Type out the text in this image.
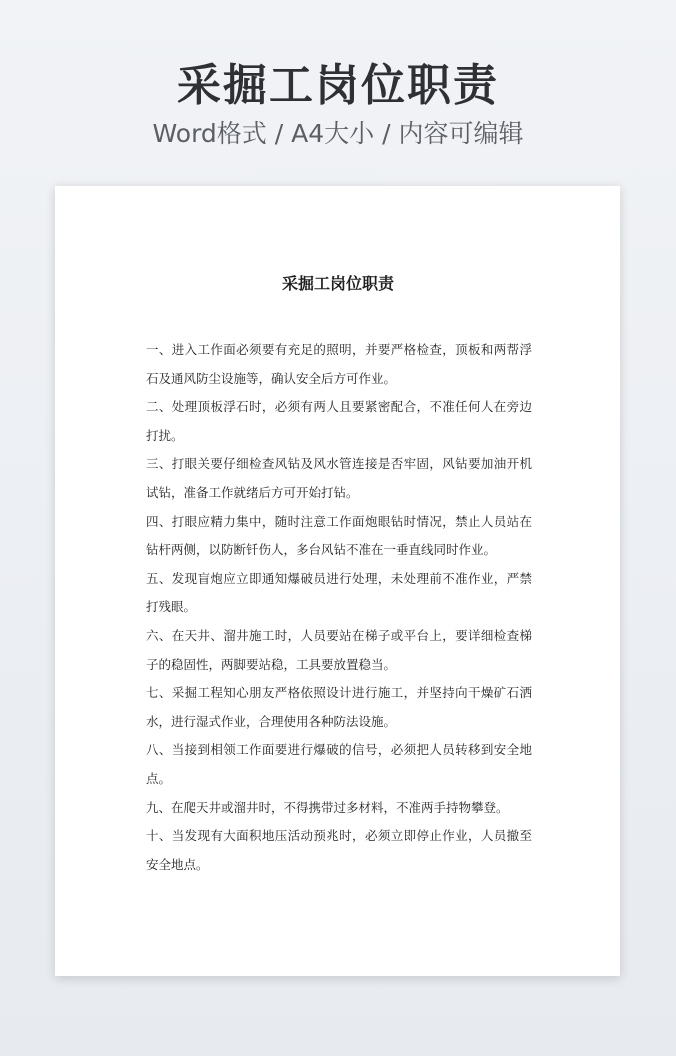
采掘工岗位职责
Word格式 / A4大小 / 内容可编辑
采掘工岗位职责

一、进入工作面必须要有充足的照明，并要严格检查，顶板和两帮浮石及通风防尘设施等，确认安全后方可作业。

二、处理顶板浮石时，必须有两人且要紧密配合，不准任何人在旁边打扰。

三、打眼关要仔细检查风钻及风水管连接是否牢固，风钻要加油开机试钻，准备工作就绪后方可开始打钻。

四、打眼应精力集中，随时注意工作面炮眼钻时情况，禁止人员站在钻杆两侧，以防断钎伤人，多台风钻不准在一垂直线同时作业。

五、发现盲炮应立即通知爆破员进行处理，未处理前不准作业，严禁打残眼。

六、在天井、溜井施工时，人员要站在梯子或平台上，要详细检查梯子的稳固性，两脚要站稳，工具要放置稳当。

七、采掘工程知心朋友严格依照设计进行施工，并坚持向干燥矿石洒水，进行湿式作业，合理使用各种防法设施。

八、当接到相领工作面要进行爆破的信号，必须把人员转移到安全地点。

九、在爬天井或溜井时，不得携带过多材料，不准两手持物攀登。

十、当发现有大面积地压活动预兆时，必须立即停止作业，人员撤至安全地点。
